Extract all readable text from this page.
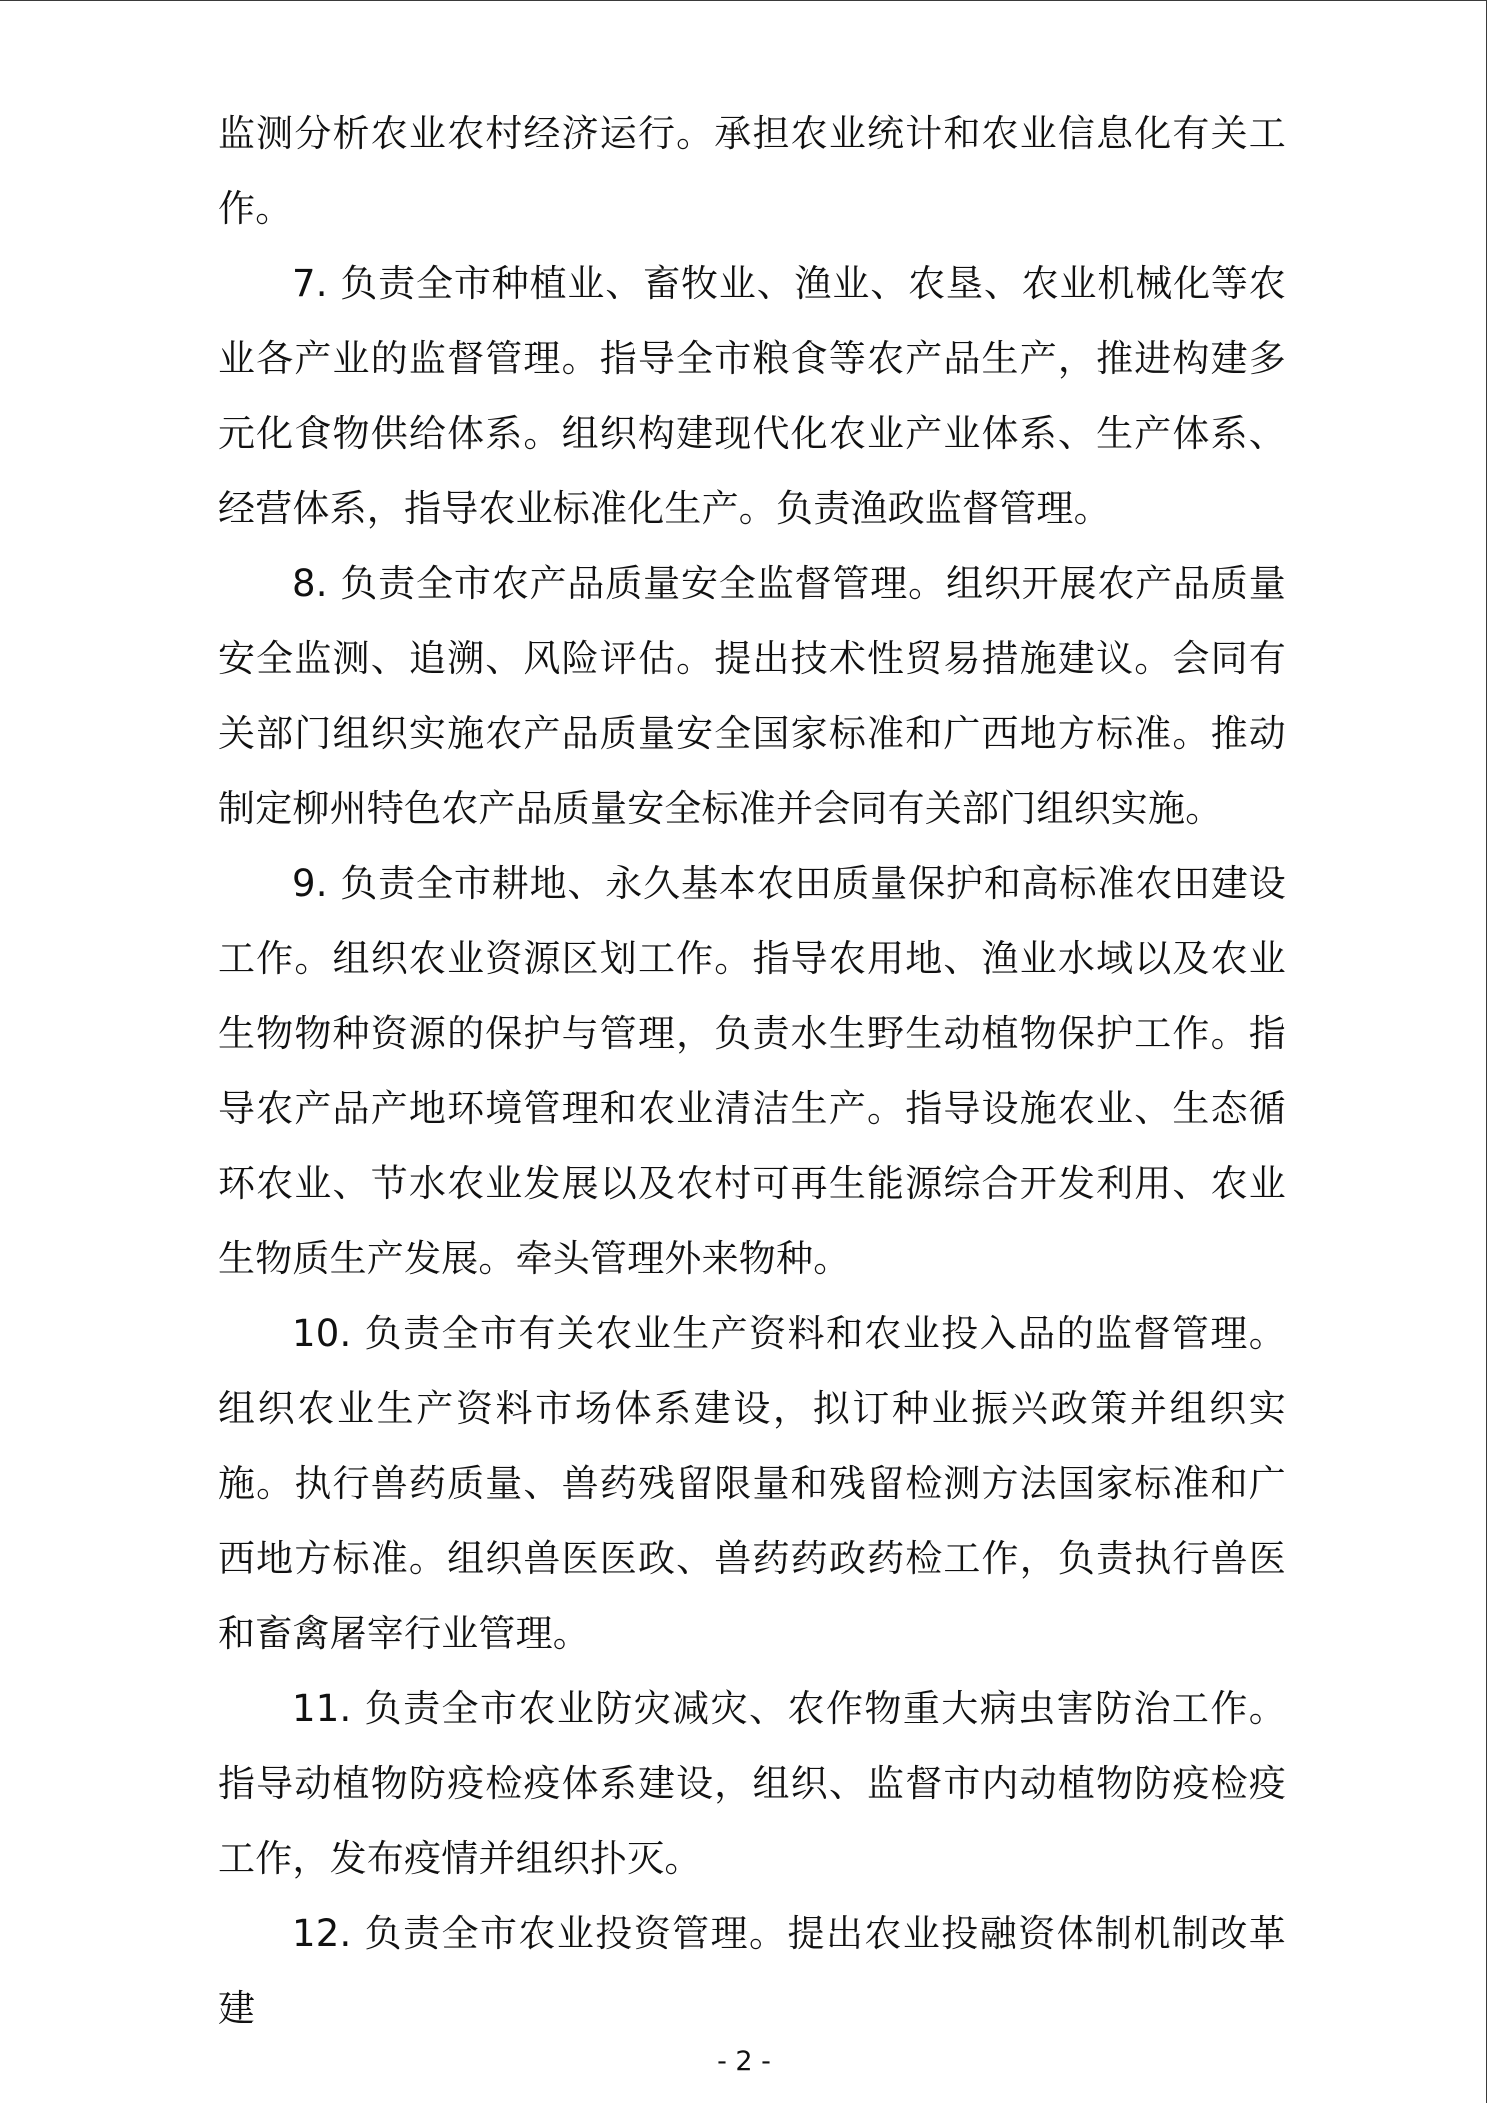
监测分析农业农村经济运行。承担农业统计和农业信息化有关工作。

7. 负责全市种植业、畜牧业、渔业、农垦、农业机械化等农业各产业的监督管理。指导全市粮食等农产品生产，推进构建多元化食物供给体系。组织构建现代化农业产业体系、生产体系、经营体系，指导农业标准化生产。负责渔政监督管理。

8. 负责全市农产品质量安全监督管理。组织开展农产品质量安全监测、追溯、风险评估。提出技术性贸易措施建议。会同有关部门组织实施农产品质量安全国家标准和广西地方标准。推动制定柳州特色农产品质量安全标准并会同有关部门组织实施。

9. 负责全市耕地、永久基本农田质量保护和高标准农田建设工作。组织农业资源区划工作。指导农用地、渔业水域以及农业生物物种资源的保护与管理，负责水生野生动植物保护工作。指导农产品产地环境管理和农业清洁生产。指导设施农业、生态循环农业、节水农业发展以及农村可再生能源综合开发利用、农业生物质生产发展。牵头管理外来物种。

10. 负责全市有关农业生产资料和农业投入品的监督管理。组织农业生产资料市场体系建设，拟订种业振兴政策并组织实施。执行兽药质量、兽药残留限量和残留检测方法国家标准和广西地方标准。组织兽医医政、兽药药政药检工作，负责执行兽医和畜禽屠宰行业管理。

11. 负责全市农业防灾减灾、农作物重大病虫害防治工作。指导动植物防疫检疫体系建设，组织、监督市内动植物防疫检疫工作，发布疫情并组织扑灭。

12. 负责全市农业投资管理。提出农业投融资体制机制改革建

- 2 -
